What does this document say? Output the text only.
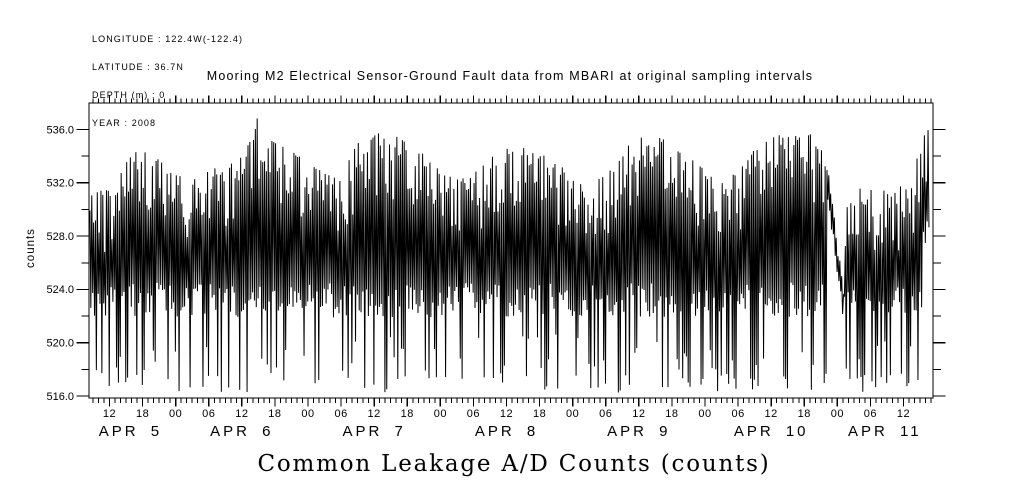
LONGITUDE : 122.4W(-122.4)

LATITUDE : 36.7N

DEPTH (m) : 0

YEAR : 2008

Mooring M2 Electrical Sensor-Ground Fault data from MBARI at original sampling intervals
counts
516.0
520.0
524.0
528.0
532.0
536.0
12 18 00 06 12 18 00 06 12 18 00 06 12 18 00 06 12 18 00 06 12 18 00 06 12
APR 5	APR 6	APR 7	APR 8	APR 9	APR 10	APR 11
Common Leakage A/D Counts (counts)
